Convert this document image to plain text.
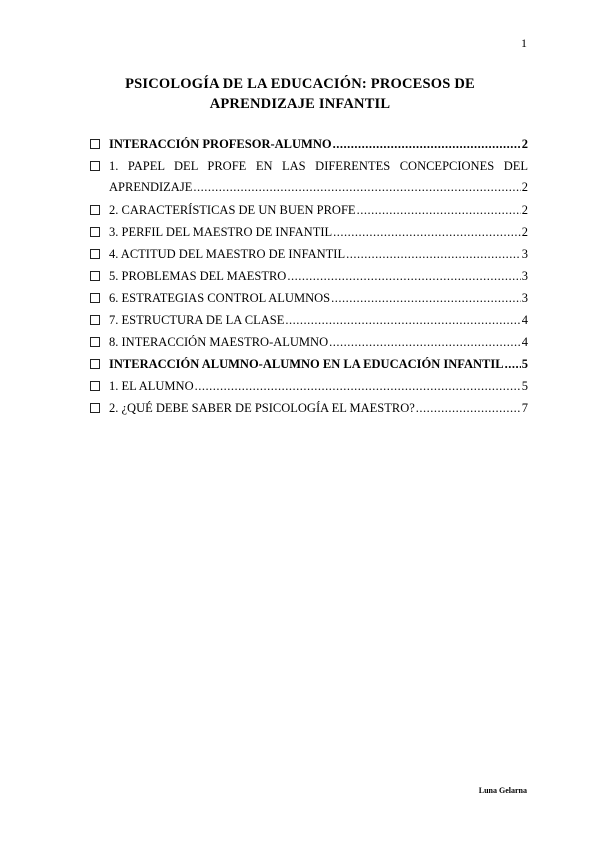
1
PSICOLOGÍA DE LA EDUCACIÓN: PROCESOS DE APRENDIZAJE INFANTIL
INTERACCIÓN PROFESOR-ALUMNO .....	2
1. PAPEL DEL PROFE EN LAS DIFERENTES CONCEPCIONES DEL
APRENDIZAJE .....	2
2. CARACTERÍSTICAS DE UN BUEN PROFE .....	2
3. PERFIL DEL MAESTRO DE INFANTIL .....	2
4. ACTITUD DEL MAESTRO DE INFANTIL .....	3
5. PROBLEMAS DEL MAESTRO .....	3
6. ESTRATEGIAS CONTROL ALUMNOS .....	3
7. ESTRUCTURA DE LA CLASE .....	4
8. INTERACCIÓN MAESTRO-ALUMNO .....	4
INTERACCIÓN ALUMNO-ALUMNO EN LA EDUCACIÓN INFANTIL ..... 5
1. EL ALUMNO .....	5
2. ¿QUÉ DEBE SABER DE PSICOLOGÍA EL MAESTRO? .....	7
Luna Gelarna
